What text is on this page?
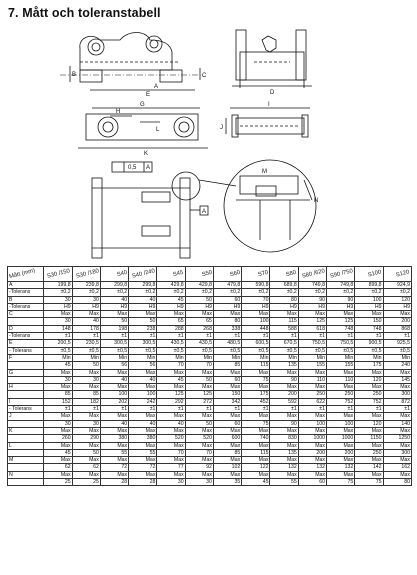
7. Mått och toleranstabell
B	C
E
A
D
H
G
L
K
I
J
0,5 A
A
M
N
Mått (mm)	S30 /150	S30 /180	S40	S40 /240	S45	S50	S60	S70	S80	S80 /620	S90 /750	S100	S120
A	199,8	239,8	299,8	299,8	429,8	429,8	479,8	590,8	689,8	749,8	749,8	899,8	924,9
-Tolerans	±0,2	±0,2	±0,2	±0,2	±0,2	±0,2	±0,2	±0,2	±0,2	±0,2	±0,2	±0,2	±0,2
B	30	30	40	40	45	50	60	70	80	90	90	100	120
-Tolerans	H9	H9	H9	H9	H9	H9	H9	H9	H9	H9	H9	H9	H9
C	Max	Max	Max	Max	Max	Max	Max	Max	Max	Max	Max	Max	Max
	30	40	50	50	65	65	80	100	115	125	125	150	200
D	148	178	198	238	288	268	338	448	588	618	748	748	868
-Tolerans	±1	±1	±1	±1	±1	±1	±1	±1	±1	±1	±1	±1	±1
E	200,5	230,5	300,5	300,5	430,5	430,5	480,5	600,5	670,5	750,5	750,5	900,5	925,5
- Tolerans	±0,5	±0,5	±0,5	±0,5	±0,5	±0,5	±0,5	±0,5	±0,5	±0,5	±0,5	±0,5	±0,5
F	Min	Min	Min	Min	Min	Min	Min	Min	Min	Min	Min	Min	Min
	45	50	56	56	70	70	85	115	135	155	155	175	240
G	Max	Max	Max	Max	Max	Max	Max	Max	Max	Max	Max	Max	Max
	30	30	40	40	45	50	60	75	90	110	110	120	145
H	Max	Max	Max	Max	Max	Max	Max	Max	Max	Max	Max	Max	Max
	85	85	100	100	125	125	150	175	200	250	250	250	300
I	152	182	202	242	292	272	342	452	592	622	752	752	872
- Tolerans	±1	±1	±1	±1	±1	±1	±1	±1	±1	±1	±1	±1	±1
J	Max	Max	Max	Max	Max	Max	Max	Max	Max	Max	Max	Max	Max
	30	30	40	40	40	50	60	75	90	100	100	120	140
K	Max	Max	Max	Max	Max	Max	Max	Max	Max	Max	Max	Max	Max
	260	290	380	380	520	520	600	740	830	1000	1000	1150	1250
L	Max	Max	Max	Max	Max	Max	Max	Max	Max	Max	Max	Max	Max
	45	50	55	55	70	70	85	115	135	200	200	250	300
M	Max	Max	Max	Max	Max	Max	Max	Max	Max	Max	Max	Max	Max
	62	62	72	72	77	92	102	122	132	132	132	142	162
N	Max	Max	Max	Max	Max	Max	Max	Max	Max	Max	Max	Max	Max
	25	25	28	28	30	30	35	45	55	60	75	75	80
